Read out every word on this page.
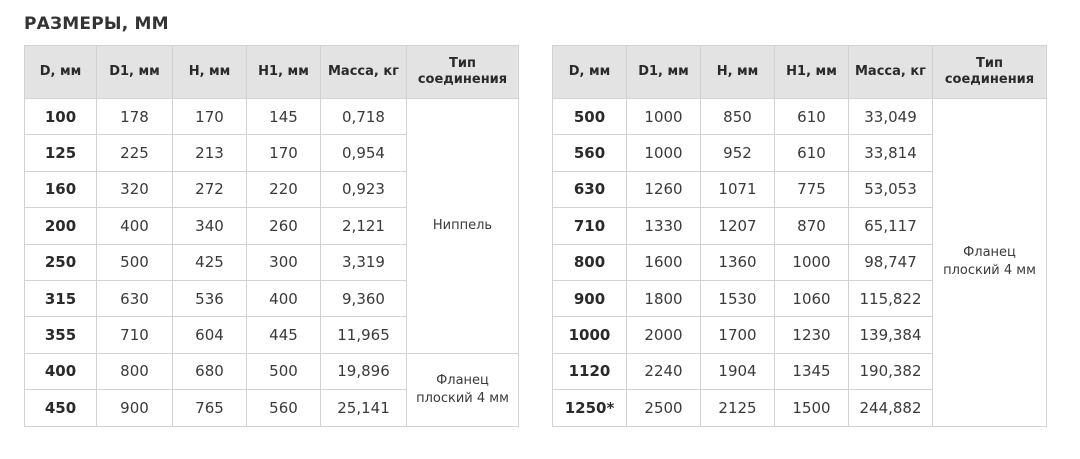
РАЗМЕРЫ, ММ
D, мм	D1, мм	H, мм	H1, мм	Масса, кг	Тип соединения
100	178	170	145	0,718	Ниппель
125	225	213	170	0,954	
160	320	272	220	0,923	
200	400	340	260	2,121	
250	500	425	300	3,319	
315	630	536	400	9,360	
355	710	604	445	11,965	
400	800	680	500	19,896	Фланец плоский 4 мм
450	900	765	560	25,141	
D, мм	D1, мм	H, мм	H1, мм	Масса, кг	Тип соединения
500	1000	850	610	33,049	Фланец плоский 4 мм
560	1000	952	610	33,814	
630	1260	1071	775	53,053	
710	1330	1207	870	65,117	
800	1600	1360	1000	98,747	
900	1800	1530	1060	115,822	
1000	2000	1700	1230	139,384	
1120	2240	1904	1345	190,382	
1250*	2500	2125	1500	244,882	
